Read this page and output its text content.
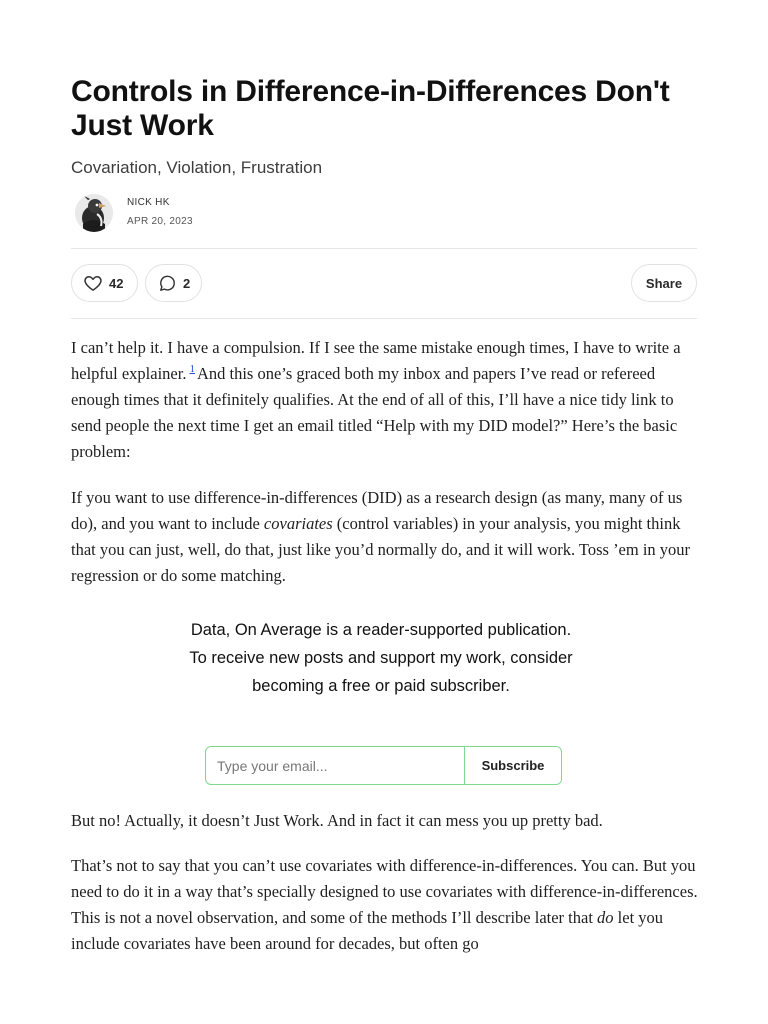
Controls in Difference-in-Differences Don't Just Work

Covariation, Violation, Frustration

NICK HK
APR 20, 2023
42	2	Share

I can’t help it. I have a compulsion. If I see the same mistake enough times, I have to write a helpful explainer. $^1$ And this one’s graced both my inbox and papers I’ve read or refereed enough times that it definitely qualifies. At the end of all of this, I’ll have a nice tidy link to send people the next time I get an email titled “Help with my DID model?” Here’s the basic problem:

If you want to use difference-in-differences (DID) as a research design (as many, many of us do), and you want to include covariates (control variables) in your analysis, you might think that you can just, well, do that, just like you’d normally do, and it will work. Toss ’em in your regression or do some matching.

Data, On Average is a reader-supported publication. To receive new posts and support my work, consider becoming a free or paid subscriber.

Type your email...
Subscribe

But no! Actually, it doesn’t Just Work. And in fact it can mess you up pretty bad.

That’s not to say that you can’t use covariates with difference-in-differences. You can. But you need to do it in a way that’s specially designed to use covariates with difference-in-differences. This is not a novel observation, and some of the methods I’ll describe later that do let you include covariates have been around for decades, but often go
